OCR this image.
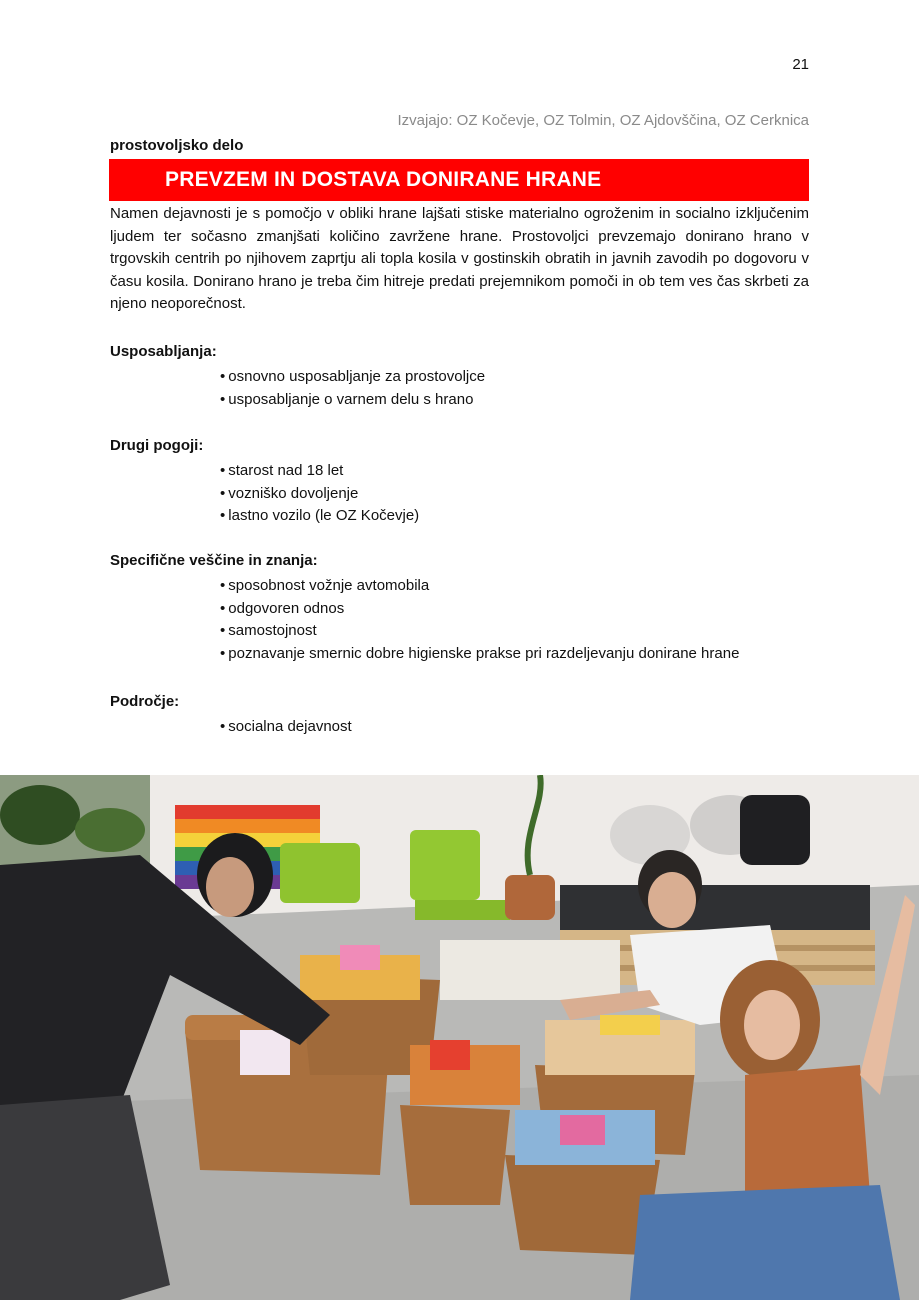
21
Izvajajo: OZ Kočevje, OZ Tolmin, OZ Ajdovščina, OZ Cerknica
prostovoljsko delo
PREVZEM IN DOSTAVA DONIRANE HRANE

Namen dejavnosti je s pomočjo v obliki hrane lajšati stiske materialno ogroženim in socialno izključenim ljudem ter sočasno zmanjšati količino zavržene hrane. Prostovoljci prevzemajo donirano hrano v trgovskih centrih po njihovem zaprtju ali topla kosila v gostinskih obratih in javnih zavodih po dogovoru v času kosila. Donirano hrano je treba čim hitreje predati prejemnikom pomoči in ob tem ves čas skrbeti za njeno neoporečnost.

Usposabljanja:

• osnovno usposabljanje za prostovoljce
• usposabljanje o varnem delu s hrano

Drugi pogoji:

• starost nad 18 let
• vozniško dovoljenje
• lastno vozilo (le OZ Kočevje)

Specifične veščine in znanja:

• sposobnost vožnje avtomobila
• odgovoren odnos
• samostojnost
• poznavanje smernic dobre higienske prakse pri razdeljevanju donirane hrane

Področje:

• socialna dejavnost
